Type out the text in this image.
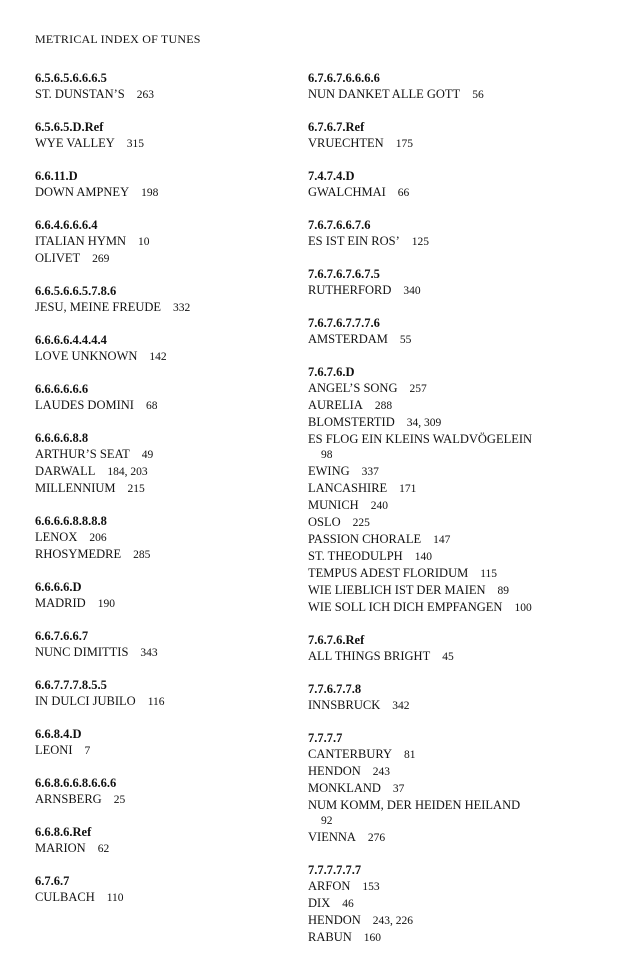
METRICAL INDEX OF TUNES
6.5.6.5.6.6.6.5
ST. DUNSTAN’S 263
6.5.6.5.D.Ref
WYE VALLEY 315
6.6.11.D
DOWN AMPNEY 198
6.6.4.6.6.6.4
ITALIAN HYMN 10
OLIVET 269
6.6.5.6.6.5.7.8.6
JESU, MEINE FREUDE 332
6.6.6.6.4.4.4.4
LOVE UNKNOWN 142
6.6.6.6.6.6
LAUDES DOMINI 68
6.6.6.6.8.8
ARTHUR’S SEAT 49
DARWALL 184, 203
MILLENNIUM 215
6.6.6.6.8.8.8.8
LENOX 206
RHOSYMEDRE 285
6.6.6.6.D
MADRID 190
6.6.7.6.6.7
NUNC DIMITTIS 343
6.6.7.7.7.8.5.5
IN DULCI JUBILO 116
6.6.8.4.D
LEONI 7
6.6.8.6.6.8.6.6.6
ARNSBERG 25
6.6.8.6.Ref
MARION 62
6.7.6.7
CULBACH 110
6.7.6.7.6.6.6.6
NUN DANKET ALLE GOTT 56
6.7.6.7.Ref
VRUECHTEN 175
7.4.7.4.D
GWALCHMAI 66
7.6.7.6.6.7.6
ES IST EIN ROS’ 125
7.6.7.6.7.6.7.5
RUTHERFORD 340
7.6.7.6.7.7.7.6
AMSTERDAM 55
7.6.7.6.D
ANGEL’S SONG 257
AURELIA 288
BLOMSTERTID 34, 309
ES FLOG EIN KLEINS WALDVÖGELEIN
98
EWING 337
LANCASHIRE 171
MUNICH 240
OSLO 225
PASSION CHORALE 147
ST. THEODULPH 140
TEMPUS ADEST FLORIDUM 115
WIE LIEBLICH IST DER MAIEN 89
WIE SOLL ICH DICH EMPFANGEN 100
7.6.7.6.Ref
ALL THINGS BRIGHT 45
7.7.6.7.7.8
INNSBRUCK 342
7.7.7.7
CANTERBURY 81
HENDON 243
MONKLAND 37
NUM KOMM, DER HEIDEN HEILAND
92
VIENNA 276
7.7.7.7.7.7
ARFON 153
DIX 46
HENDON 243, 226
RABUN 160
